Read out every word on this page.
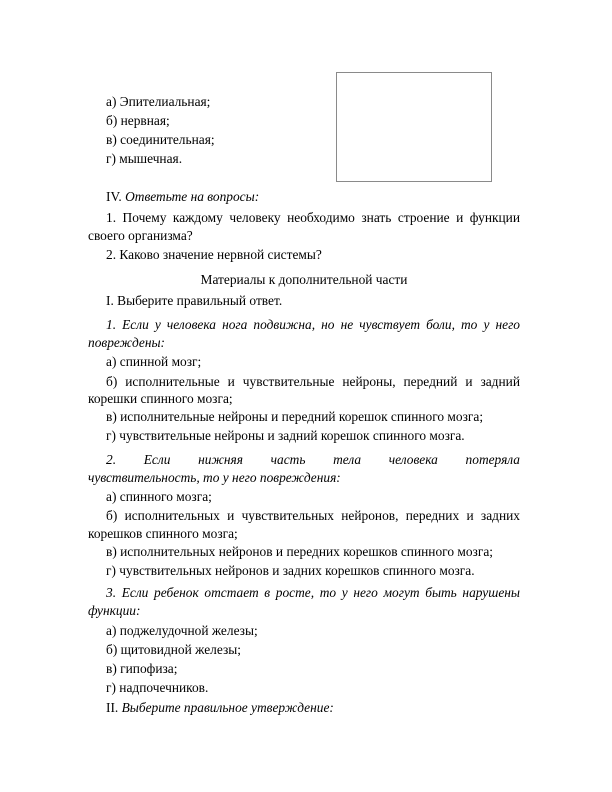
а) Эпителиальная;
б) нервная;
в) соединительная;
г) мышечная.
IV. Ответьте на вопросы:
1. Почему каждому человеку необходимо знать строение и функции
своего организма?
2. Каково значение нервной системы?
Материалы к дополнительной части
I. Выберите правильный ответ.
1. Если у человека нога подвижна, но не чувствует боли, то у него
повреждены:
а) спинной мозг;
б) исполнительные и чувствительные нейроны, передний и задний
корешки спинного мозга;
в) исполнительные нейроны и передний корешок спинного мозга;
г) чувствительные нейроны и задний корешок спинного мозга.
2. Если нижняя часть тела человека потеряла
чувствительность, то у него повреждения:
а) спинного мозга;
б) исполнительных и чувствительных нейронов, передних и задних
корешков спинного мозга;
в) исполнительных нейронов и передних корешков спинного мозга;
г) чувствительных нейронов и задних корешков спинного мозга.
3. Если ребенок отстает в росте, то у него могут быть нарушены
функции:
а) поджелудочной железы;
б) щитовидной железы;
в) гипофиза;
г) надпочечников.
II. Выберите правильное утверждение:
